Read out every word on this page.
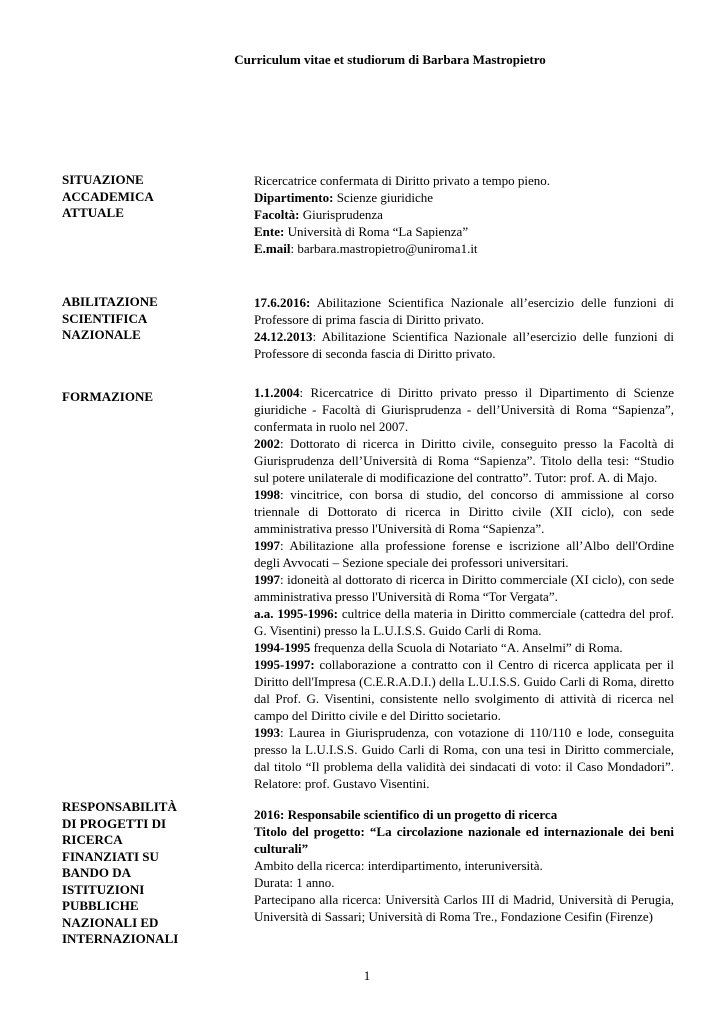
Curriculum vitae et studiorum di Barbara Mastropietro
SITUAZIONE ACCADEMICA ATTUALE

Ricercatrice confermata di Diritto privato a tempo pieno.

Dipartimento: Scienze giuridiche

Facoltà: Giurisprudenza

Ente: Università di Roma “La Sapienza”

E.mail: barbara.mastropietro@uniroma1.it

ABILITAZIONE SCIENTIFICA NAZIONALE

17.6.2016: Abilitazione Scientifica Nazionale all’esercizio delle funzioni di Professore di prima fascia di Diritto privato.

24.12.2013: Abilitazione Scientifica Nazionale all’esercizio delle funzioni di Professore di seconda fascia di Diritto privato.

FORMAZIONE	1.1.2004: Ricercatrice di Diritto privato presso il Dipartimento di Scienze giuridiche - Facoltà di Giurisprudenza - dell’Università di Roma “Sapienza”, confermata in ruolo nel 2007.

2002: Dottorato di ricerca in Diritto civile, conseguito presso la Facoltà di Giurisprudenza dell’Università di Roma “Sapienza”. Titolo della tesi: “Studio sul potere unilaterale di modificazione del contratto”. Tutor: prof. A. di Majo.

1998: vincitrice, con borsa di studio, del concorso di ammissione al corso triennale di Dottorato di ricerca in Diritto civile (XII ciclo), con sede amministrativa presso l'Università di Roma “Sapienza”.

1997: Abilitazione alla professione forense e iscrizione all’Albo dell'Ordine degli Avvocati – Sezione speciale dei professori universitari.

1997: idoneità al dottorato di ricerca in Diritto commerciale (XI ciclo), con sede amministrativa presso l'Università di Roma “Tor Vergata”.

a.a. 1995-1996: cultrice della materia in Diritto commerciale (cattedra del prof. G. Visentini) presso la L.U.I.S.S. Guido Carli di Roma.

1994-1995 frequenza della Scuola di Notariato “A. Anselmi” di Roma.

1995-1997: collaborazione a contratto con il Centro di ricerca applicata per il Diritto dell'Impresa (C.E.R.A.D.I.) della L.U.I.S.S. Guido Carli di Roma, diretto dal Prof. G. Visentini, consistente nello svolgimento di attività di ricerca nel campo del Diritto civile e del Diritto societario.

1993: Laurea in Giurisprudenza, con votazione di 110/110 e lode, conseguita presso la L.U.I.S.S. Guido Carli di Roma, con una tesi in Diritto commerciale, dal titolo “Il problema della validità dei sindacati di voto: il Caso Mondadori”. Relatore: prof. Gustavo Visentini.

RESPONSABILITÀ DI PROGETTI DI RICERCA FINANZIATI SU BANDO DA ISTITUZIONI PUBBLICHE NAZIONALI ED INTERNAZIONALI

2016: Responsabile scientifico di un progetto di ricerca

Titolo del progetto: “La circolazione nazionale ed internazionale dei beni culturali”

Ambito della ricerca: interdipartimento, interuniversità.

Durata: 1 anno.

Partecipano alla ricerca: Università Carlos III di Madrid, Università di Perugia, Università di Sassari; Università di Roma Tre., Fondazione Cesifin (Firenze)

1
